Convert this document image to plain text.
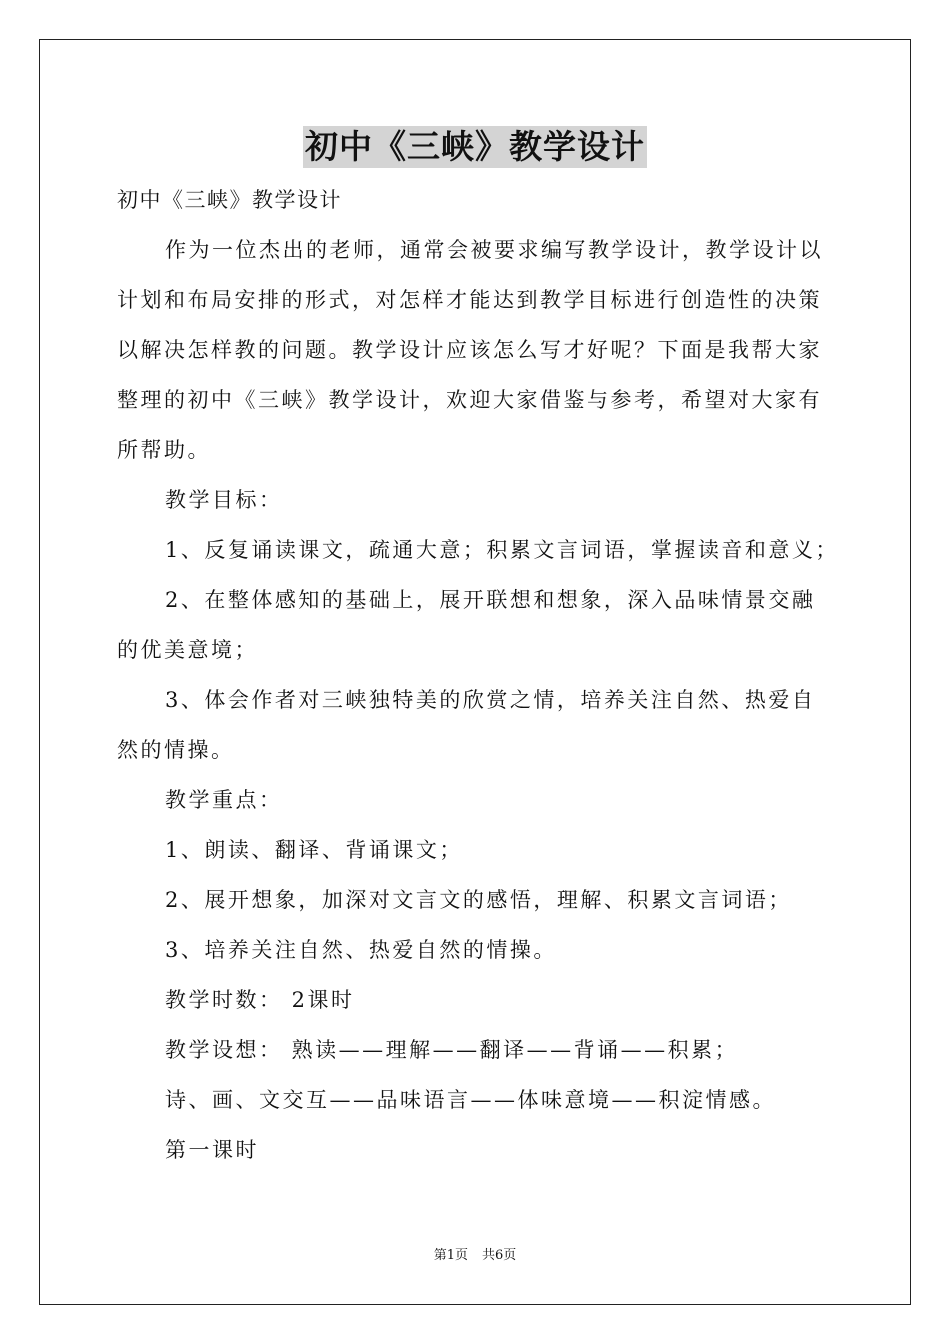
初中《三峡》教学设计
初中《三峡》教学设计
作为一位杰出的老师，通常会被要求编写教学设计，教学设计以
计划和布局安排的形式，对怎样才能达到教学目标进行创造性的决策
以解决怎样教的问题。教学设计应该怎么写才好呢？下面是我帮大家
整理的初中《三峡》教学设计，欢迎大家借鉴与参考，希望对大家有
所帮助。
教学目标：
1、反复诵读课文，疏通大意；积累文言词语，掌握读音和意义；
2、在整体感知的基础上，展开联想和想象，深入品味情景交融
的优美意境；
3、体会作者对三峡独特美的欣赏之情，培养关注自然、热爱自
然的情操。
教学重点：
1、朗读、翻译、背诵课文；
2、展开想象，加深对文言文的感悟，理解、积累文言词语；
3、培养关注自然、热爱自然的情操。
教学时数： 2课时
教学设想： 熟读——理解——翻译——背诵——积累；
诗、画、文交互——品味语言——体味意境——积淀情感。
第一课时
第1页 共6页
